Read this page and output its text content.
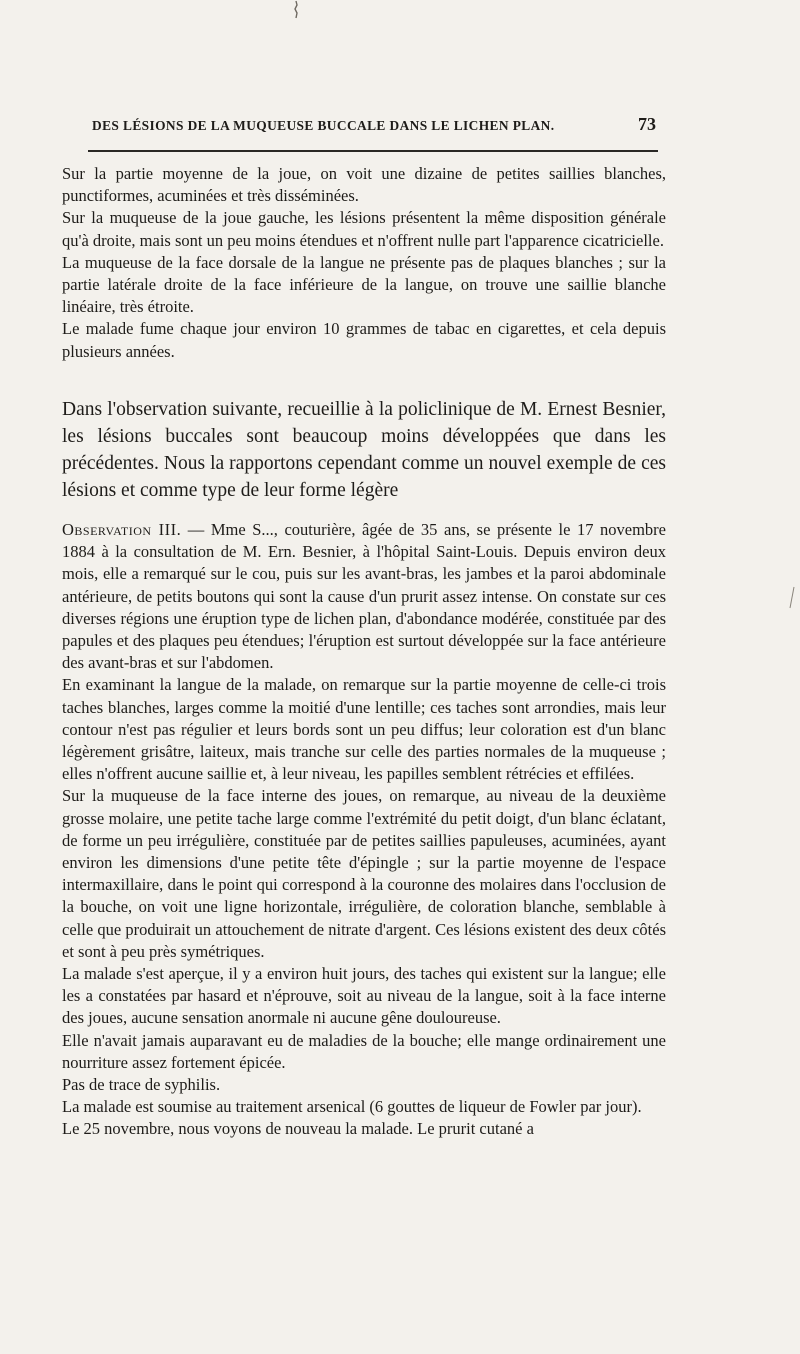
DES LÉSIONS DE LA MUQUEUSE BUCCALE DANS LE LICHEN PLAN.	73

Sur la partie moyenne de la joue, on voit une dizaine de petites saillies blanches, punctiformes, acuminées et très disséminées.

Sur la muqueuse de la joue gauche, les lésions présentent la même disposition générale qu'à droite, mais sont un peu moins étendues et n'offrent nulle part l'apparence cicatricielle.

La muqueuse de la face dorsale de la langue ne présente pas de plaques blanches ; sur la partie latérale droite de la face inférieure de la langue, on trouve une saillie blanche linéaire, très étroite.

Le malade fume chaque jour environ 10 grammes de tabac en cigarettes, et cela depuis plusieurs années.

Dans l'observation suivante, recueillie à la policlinique de M. Ernest Besnier, les lésions buccales sont beaucoup moins développées que dans les précédentes. Nous la rapportons cependant comme un nouvel exemple de ces lésions et comme type de leur forme légère

Observation III. — Mme S..., couturière, âgée de 35 ans, se présente le 17 novembre 1884 à la consultation de M. Ern. Besnier, à l'hôpital Saint-Louis. Depuis environ deux mois, elle a remarqué sur le cou, puis sur les avant-bras, les jambes et la paroi abdominale antérieure, de petits boutons qui sont la cause d'un prurit assez intense. On constate sur ces diverses régions une éruption type de lichen plan, d'abondance modérée, constituée par des papules et des plaques peu étendues; l'éruption est surtout développée sur la face antérieure des avant-bras et sur l'abdomen.

En examinant la langue de la malade, on remarque sur la partie moyenne de celle-ci trois taches blanches, larges comme la moitié d'une lentille; ces taches sont arrondies, mais leur contour n'est pas régulier et leurs bords sont un peu diffus; leur coloration est d'un blanc légèrement grisâtre, laiteux, mais tranche sur celle des parties normales de la muqueuse ; elles n'offrent aucune saillie et, à leur niveau, les papilles semblent rétrécies et effilées.

Sur la muqueuse de la face interne des joues, on remarque, au niveau de la deuxième grosse molaire, une petite tache large comme l'extrémité du petit doigt, d'un blanc éclatant, de forme un peu irrégulière, constituée par de petites saillies papuleuses, acuminées, ayant environ les dimensions d'une petite tête d'épingle ; sur la partie moyenne de l'espace intermaxillaire, dans le point qui correspond à la couronne des molaires dans l'occlusion de la bouche, on voit une ligne horizontale, irrégulière, de coloration blanche, semblable à celle que produirait un attouchement de nitrate d'argent. Ces lésions existent des deux côtés et sont à peu près symétriques.

La malade s'est aperçue, il y a environ huit jours, des taches qui existent sur la langue; elle les a constatées par hasard et n'éprouve, soit au niveau de la langue, soit à la face interne des joues, aucune sensation anormale ni aucune gêne douloureuse.

Elle n'avait jamais auparavant eu de maladies de la bouche; elle mange ordinairement une nourriture assez fortement épicée.

Pas de trace de syphilis.

La malade est soumise au traitement arsenical (6 gouttes de liqueur de Fowler par jour).

Le 25 novembre, nous voyons de nouveau la malade. Le prurit cutané a
